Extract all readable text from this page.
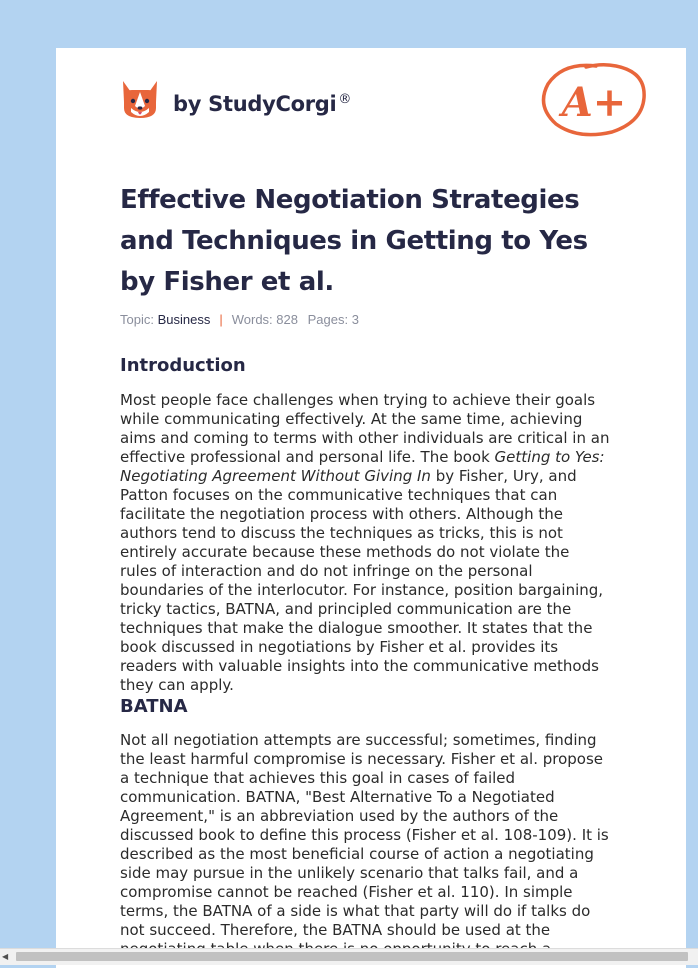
by StudyCorgi ®	A+
Effective Negotiation Strategies
and Techniques in Getting to Yes
by Fisher et al.
Topic: Business | Words: 828 Pages: 3
Introduction

Most people face challenges when trying to achieve their goals
while communicating effectively. At the same time, achieving
aims and coming to terms with other individuals are critical in an
effective professional and personal life. The book Getting to Yes:
Negotiating Agreement Without Giving In by Fisher, Ury, and
Patton focuses on the communicative techniques that can
facilitate the negotiation process with others. Although the
authors tend to discuss the techniques as tricks, this is not
entirely accurate because these methods do not violate the
rules of interaction and do not infringe on the personal
boundaries of the interlocutor. For instance, position bargaining,
tricky tactics, BATNA, and principled communication are the
techniques that make the dialogue smoother. It states that the
book discussed in negotiations by Fisher et al. provides its
readers with valuable insights into the communicative methods
they can apply.

BATNA

Not all negotiation attempts are successful; sometimes, finding
the least harmful compromise is necessary. Fisher et al. propose
a technique that achieves this goal in cases of failed
communication. BATNA, "Best Alternative To a Negotiated
Agreement," is an abbreviation used by the authors of the
discussed book to define this process (Fisher et al. 108-109). It is
described as the most beneficial course of action a negotiating
side may pursue in the unlikely scenario that talks fail, and a
compromise cannot be reached (Fisher et al. 110). In simple
terms, the BATNA of a side is what that party will do if talks do
not succeed. Therefore, the BATNA should be used at the

◀
